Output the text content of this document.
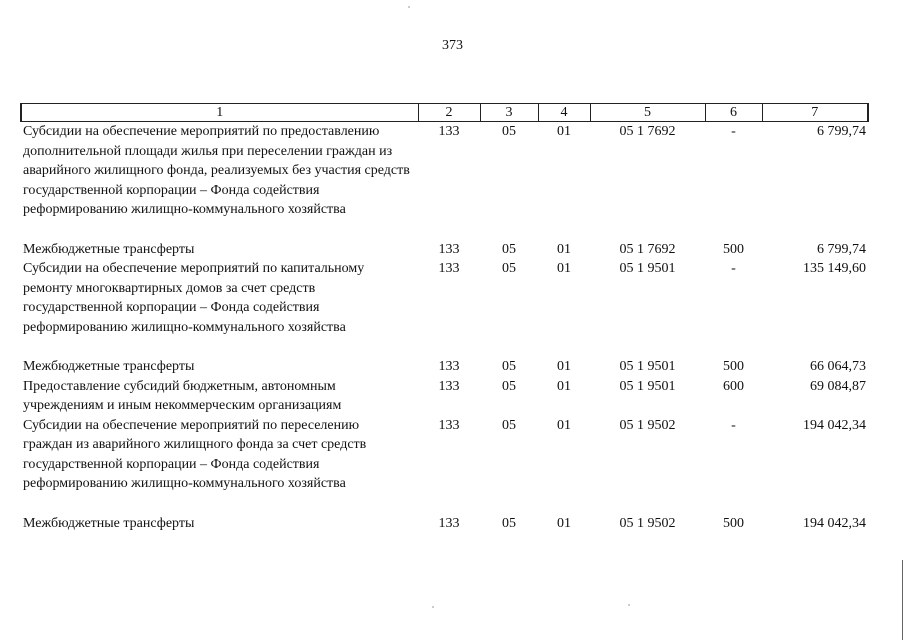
373
1	2	3	4	5	6	7
Субсидии на обеспечение мероприятий по предоставлению дополнительной площади жилья при переселении граждан из аварийного жилищного фонда, реализуемых без участия средств государственной корпорации – Фонда содействия реформированию жилищно-коммунального хозяйства	133	05	01	05 1 7692	-	6 799,74
Межбюджетные трансферты	133	05	01	05 1 7692	500	6 799,74
Субсидии на обеспечение мероприятий по капитальному ремонту многоквартирных домов за счет средств государственной корпорации – Фонда содействия реформированию жилищно-коммунального хозяйства	133	05	01	05 1 9501	-	135 149,60
Межбюджетные трансферты	133	05	01	05 1 9501	500	66 064,73
Предоставление субсидий бюджетным, автономным учреждениям и иным некоммерческим организациям	133	05	01	05 1 9501	600	69 084,87
Субсидии на обеспечение мероприятий по переселению граждан из аварийного жилищного фонда за счет средств государственной корпорации – Фонда содействия реформированию жилищно-коммунального хозяйства	133	05	01	05 1 9502	-	194 042,34
Межбюджетные трансферты	133	05	01	05 1 9502	500	194 042,34
